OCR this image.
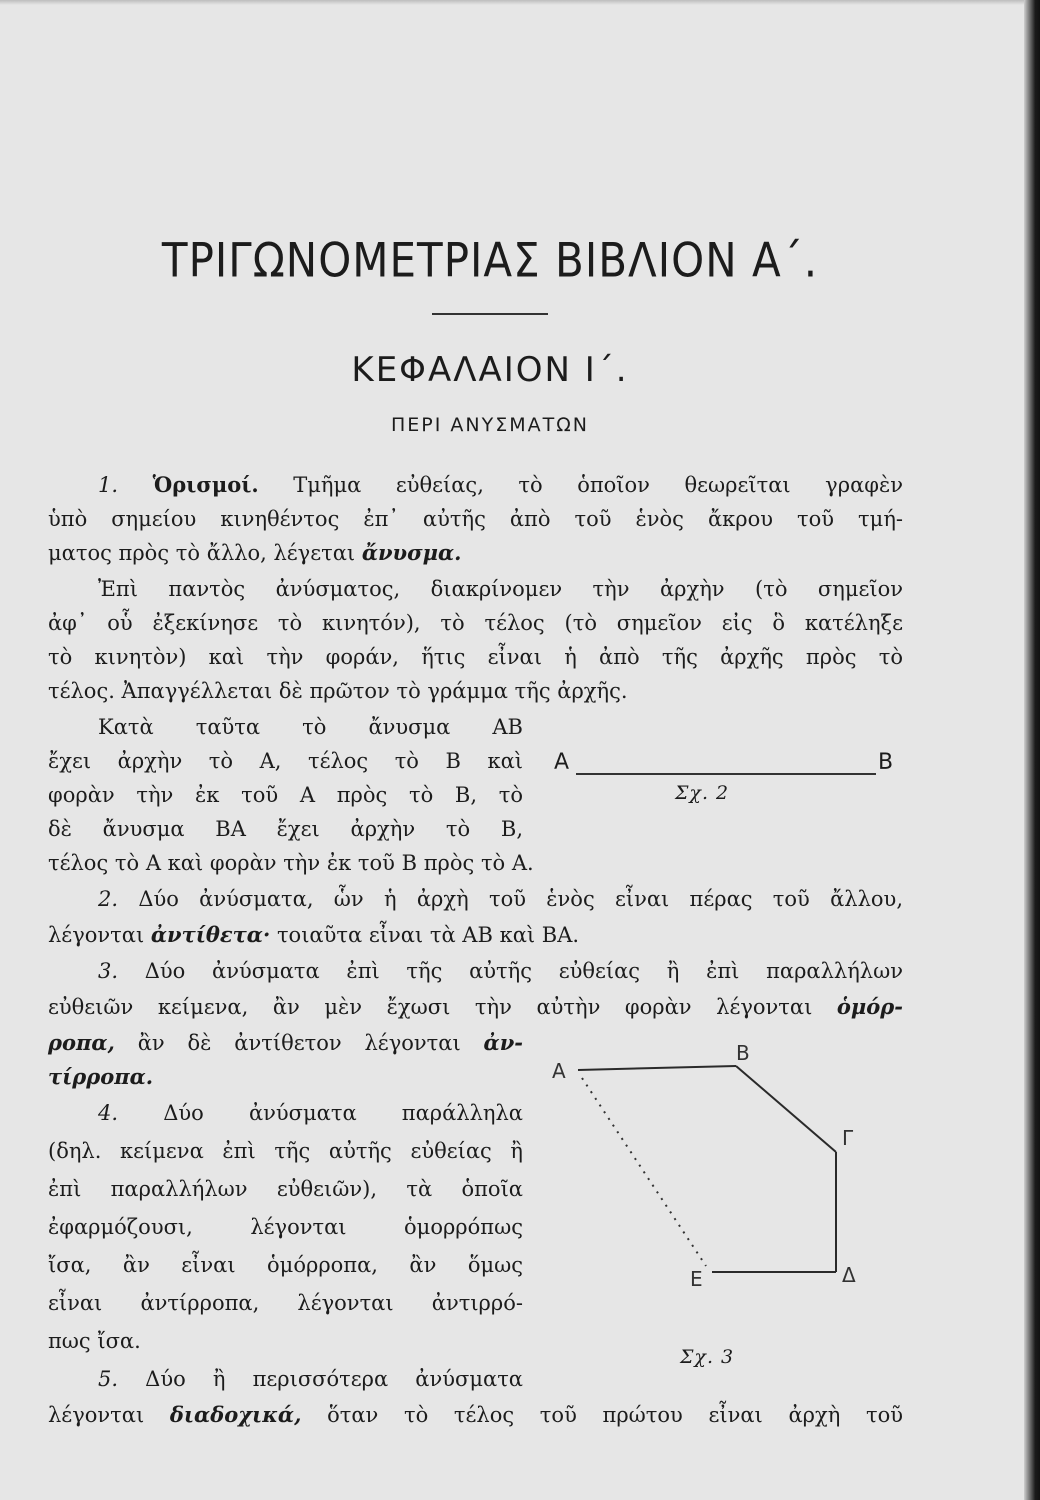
ΤΡΙΓΩΝΟΜΕΤΡΙΑΣ ΒΙΒΛΙΟΝ Α΄.
ΚΕΦΑΛΑΙΟΝ Ι΄.
ΠΕΡΙ ΑΝΥΣΜΑΤΩΝ
1. Ὁρισμοί. Τμῆμα εὐθείας, τὸ ὁποῖον θεωρεῖται γραφὲν
ὑπὸ σημείου κινηθέντος ἐπ᾿ αὐτῆς ἀπὸ τοῦ ἑνὸς ἄκρου τοῦ τμή-
ματος πρὸς τὸ ἄλλο, λέγεται ἄνυσμα.
Ἐπὶ παντὸς ἀνύσματος, διακρίνομεν τὴν ἀρχὴν (τὸ σημεῖον
ἀφ᾿ οὗ ἐξεκίνησε τὸ κινητόν), τὸ τέλος (τὸ σημεῖον εἰς ὃ κατέληξε
τὸ κινητὸν) καὶ τὴν φοράν, ἥτις εἶναι ἡ ἀπὸ τῆς ἀρχῆς πρὸς τὸ
τέλος. Ἀπαγγέλλεται δὲ πρῶτον τὸ γράμμα τῆς ἀρχῆς.
Κατὰ ταῦτα τὸ ἄνυσμα ΑΒ
ἔχει ἀρχὴν τὸ Α, τέλος τὸ Β καὶ
φορὰν τὴν ἐκ τοῦ Α πρὸς τὸ Β, τὸ
δὲ ἄνυσμα ΒΑ ἔχει ἀρχὴν τὸ Β,
τέλος τὸ Α καὶ φορὰν τὴν ἐκ τοῦ Β πρὸς τὸ Α.
Α	Β
Σχ. 2
2. Δύο ἀνύσματα, ὧν ἡ ἀρχὴ τοῦ ἑνὸς εἶναι πέρας τοῦ ἄλλου,
λέγονται ἀντίθετα· τοιαῦτα εἶναι τὰ ΑΒ καὶ ΒΑ.
3. Δύο ἀνύσματα ἐπὶ τῆς αὐτῆς εὐθείας ἢ ἐπὶ παραλλήλων
εὐθειῶν κείμενα, ἂν μὲν ἔχωσι τὴν αὐτὴν φορὰν λέγονται ὁμόρ-
ροπα, ἂν δὲ ἀντίθετον λέγονται ἀν-
τίρροπα.
4. Δύο ἀνύσματα παράλληλα
(δηλ. κείμενα ἐπὶ τῆς αὐτῆς εὐθείας ἢ
ἐπὶ παραλλήλων εὐθειῶν), τὰ ὁποῖα
ἐφαρμόζουσι, λέγονται ὁμορρόπως
ἴσα, ἂν εἶναι ὁμόρροπα, ἂν ὅμως
εἶναι ἀντίρροπα, λέγονται ἀντιρρό-
πως ἴσα.
Α
Β
Γ
Δ
Ε
Σχ. 3
5. Δύο ἢ περισσότερα ἀνύσματα
λέγονται διαδοχικά, ὅταν τὸ τέλος τοῦ πρώτου εἶναι ἀρχὴ τοῦ
